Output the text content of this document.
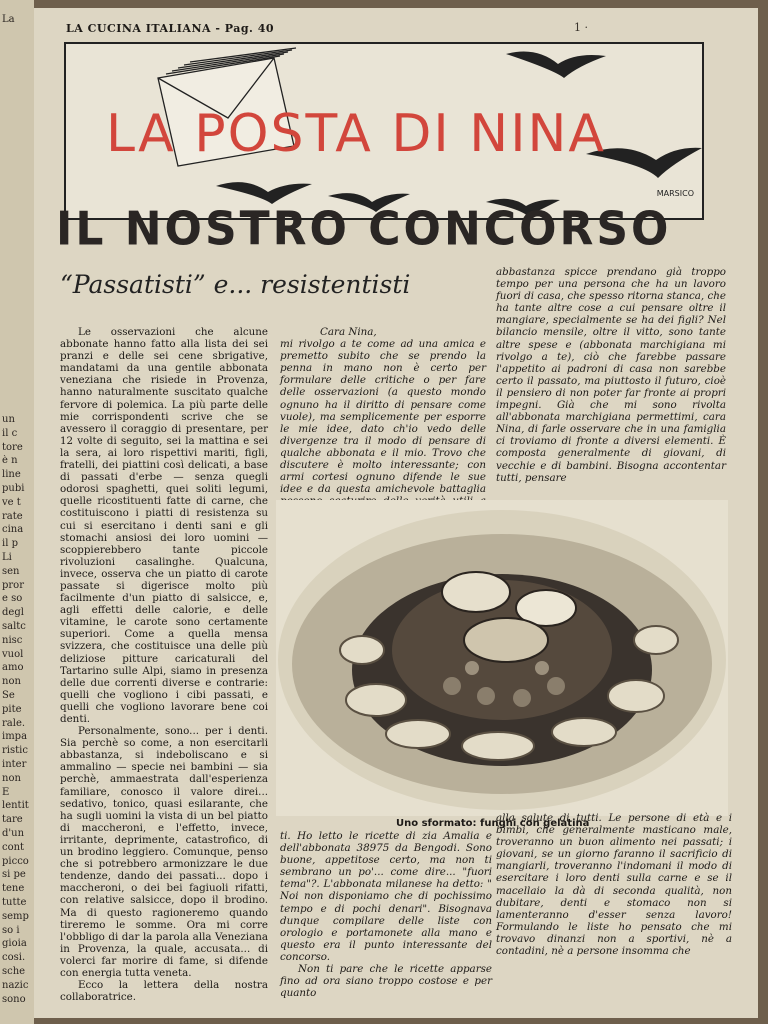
La
un
il c
tore
è n
line
pubi
ve t
rate
cina
il p
Li
sen
pror
e so
degl
saltc
nisc
vuol
amo
non
Se
pite
rale.
impa
ristic
inter
non
E
lentit
tare
d'un
cont
picco
si pe
tene
tutte
semp
so i
gioia
cosi.
sche
nazic
sono
LA CUCINA ITALIANA - Pag. 40	1 ·
LA POSTA DI NINA
MARSICO
IL NOSTRO CONCORSO
“Passatisti” e... resistentisti

Le osservazioni che alcune abbonate hanno fatto alla lista dei sei pranzi e delle sei cene sbrigative, mandatami da una gentile abbonata veneziana che risiede in Provenza, hanno naturalmente suscitato qualche fervore di polemica. La più parte delle mie corrispondenti scrive che se avessero il coraggio di presentare, per 12 volte di seguito, sei la mattina e sei la sera, ai loro rispettivi mariti, figli, fratelli, dei piattini così delicati, a base di passati d'erbe — senza quegli odorosi spaghetti, quei soliti legumi, quelle ricostituenti fatte di carne, che costituiscono i piatti di resistenza su cui si esercitano i denti sani e gli stomachi ansiosi dei loro uomini — scoppierebbero tante piccole rivoluzioni casalinghe. Qualcuna, invece, osserva che un piatto di carote passate si digerisce molto più facilmente d'un piatto di salsicce, e, agli effetti delle calorie, e delle vitamine, le carote sono certamente superiori. Come a quella mensa svizzera, che costituisce una delle più deliziose pitture caricaturali del Tartarino sulle Alpi, siamo in presenza delle due correnti diverse e contrarie: quelli che vogliono i cibi passati, e quelli che vogliono lavorare bene coi denti.

Personalmente, sono... per i denti. Sia perchè so come, a non esercitarli abbastanza, si indeboliscano e si ammalino — specie nei bambini — sia perchè, ammaestrata dall'esperienza familiare, conosco il valore direi... sedativo, tonico, quasi esilarante, che ha sugli uomini la vista di un bel piatto di maccheroni, e l'effetto, invece, irritante, deprimente, catastrofico, di un brodino leggiero. Comunque, penso che si potrebbero armonizzare le due tendenze, dando dei passati... dopo i maccheroni, o dei bei fagiuoli rifatti, con relative salsicce, dopo il brodino. Ma di questo ragioneremo quando tireremo le somme. Ora mi corre l'obbligo di dar la parola alla Veneziana in Provenza, la quale, accusata... di volerci far morire di fame, si difende con energia tutta veneta.

Ecco la lettera della nostra collaboratrice.

Cara Nina,

mi rivolgo a te come ad una amica e premetto subito che se prendo la penna in mano non è certo per formulare delle critiche o per fare delle osservazioni (a questo mondo ognuno ha il diritto di pensare come vuole), ma semplicemente per esporre le mie idee, dato ch'io vedo delle divergenze tra il modo di pensare di qualche abbonata e il mio. Trovo che discutere è molto interessante; con armi cortesi ognuno difende le sue idee e da questa amichevole battaglia

abbastanza spicce prendano già troppo tempo per una persona che ha un lavoro fuori di casa, che spesso ritorna stanca, che ha tante altre cose a cui pensare oltre il mangiare, specialmente se ha dei figli? Nel bilancio mensile, oltre il vitto, sono tante altre spese e (abbonata marchigiana mi rivolgo a te), ciò che farebbe passare l'appetito ai padroni di casa non sarebbe certo il passato, ma piuttosto il futuro, cioè il pensiero di non poter far fronte ai propri impegni. Già che mi sono rivolta all'abbonata marchigiana permettimi, cara Nina, di farle osservare che in una famiglia ci troviamo di fronte a diversi elementi. È composta generalmente di giovani, di vecchie e di bambini. Bisogna accontentar tutti, pensare

Uno sformato: funghi con gelatina

ti. Ho letto le ricette di zia Amalia e dell'abbonata 38975 da Bengodi. Sono buone, appetitose certo, ma non ti sembrano un po'... come dire... "fuori tema"?. L'abbonata milanese ha detto: " Noi non disponiamo che di pochissimo tempo e di pochi denari". Bisognava dunque compilare delle liste con orologio e portamonete alla mano e questo era il punto interessante del concorso.

Non ti pare che le ricette apparse fino ad ora siano troppo costose e per quanto

alla salute di tutti. Le persone di età e i bimbi, che generalmente masticano male, troveranno un buon alimento nei passati; i giovani, se un giorno faranno il sacrificio di mangiarli, troveranno l'indomani il modo di esercitare i loro denti sulla carne e se il macellaio la dà di seconda qualità, non dubitare, denti e stomaco non si lamenteranno d'esser senza lavoro! Formulando le liste ho pensato che mi trovavo dinanzi non a sportivi, nè a contadini, nè a persone insomma che
